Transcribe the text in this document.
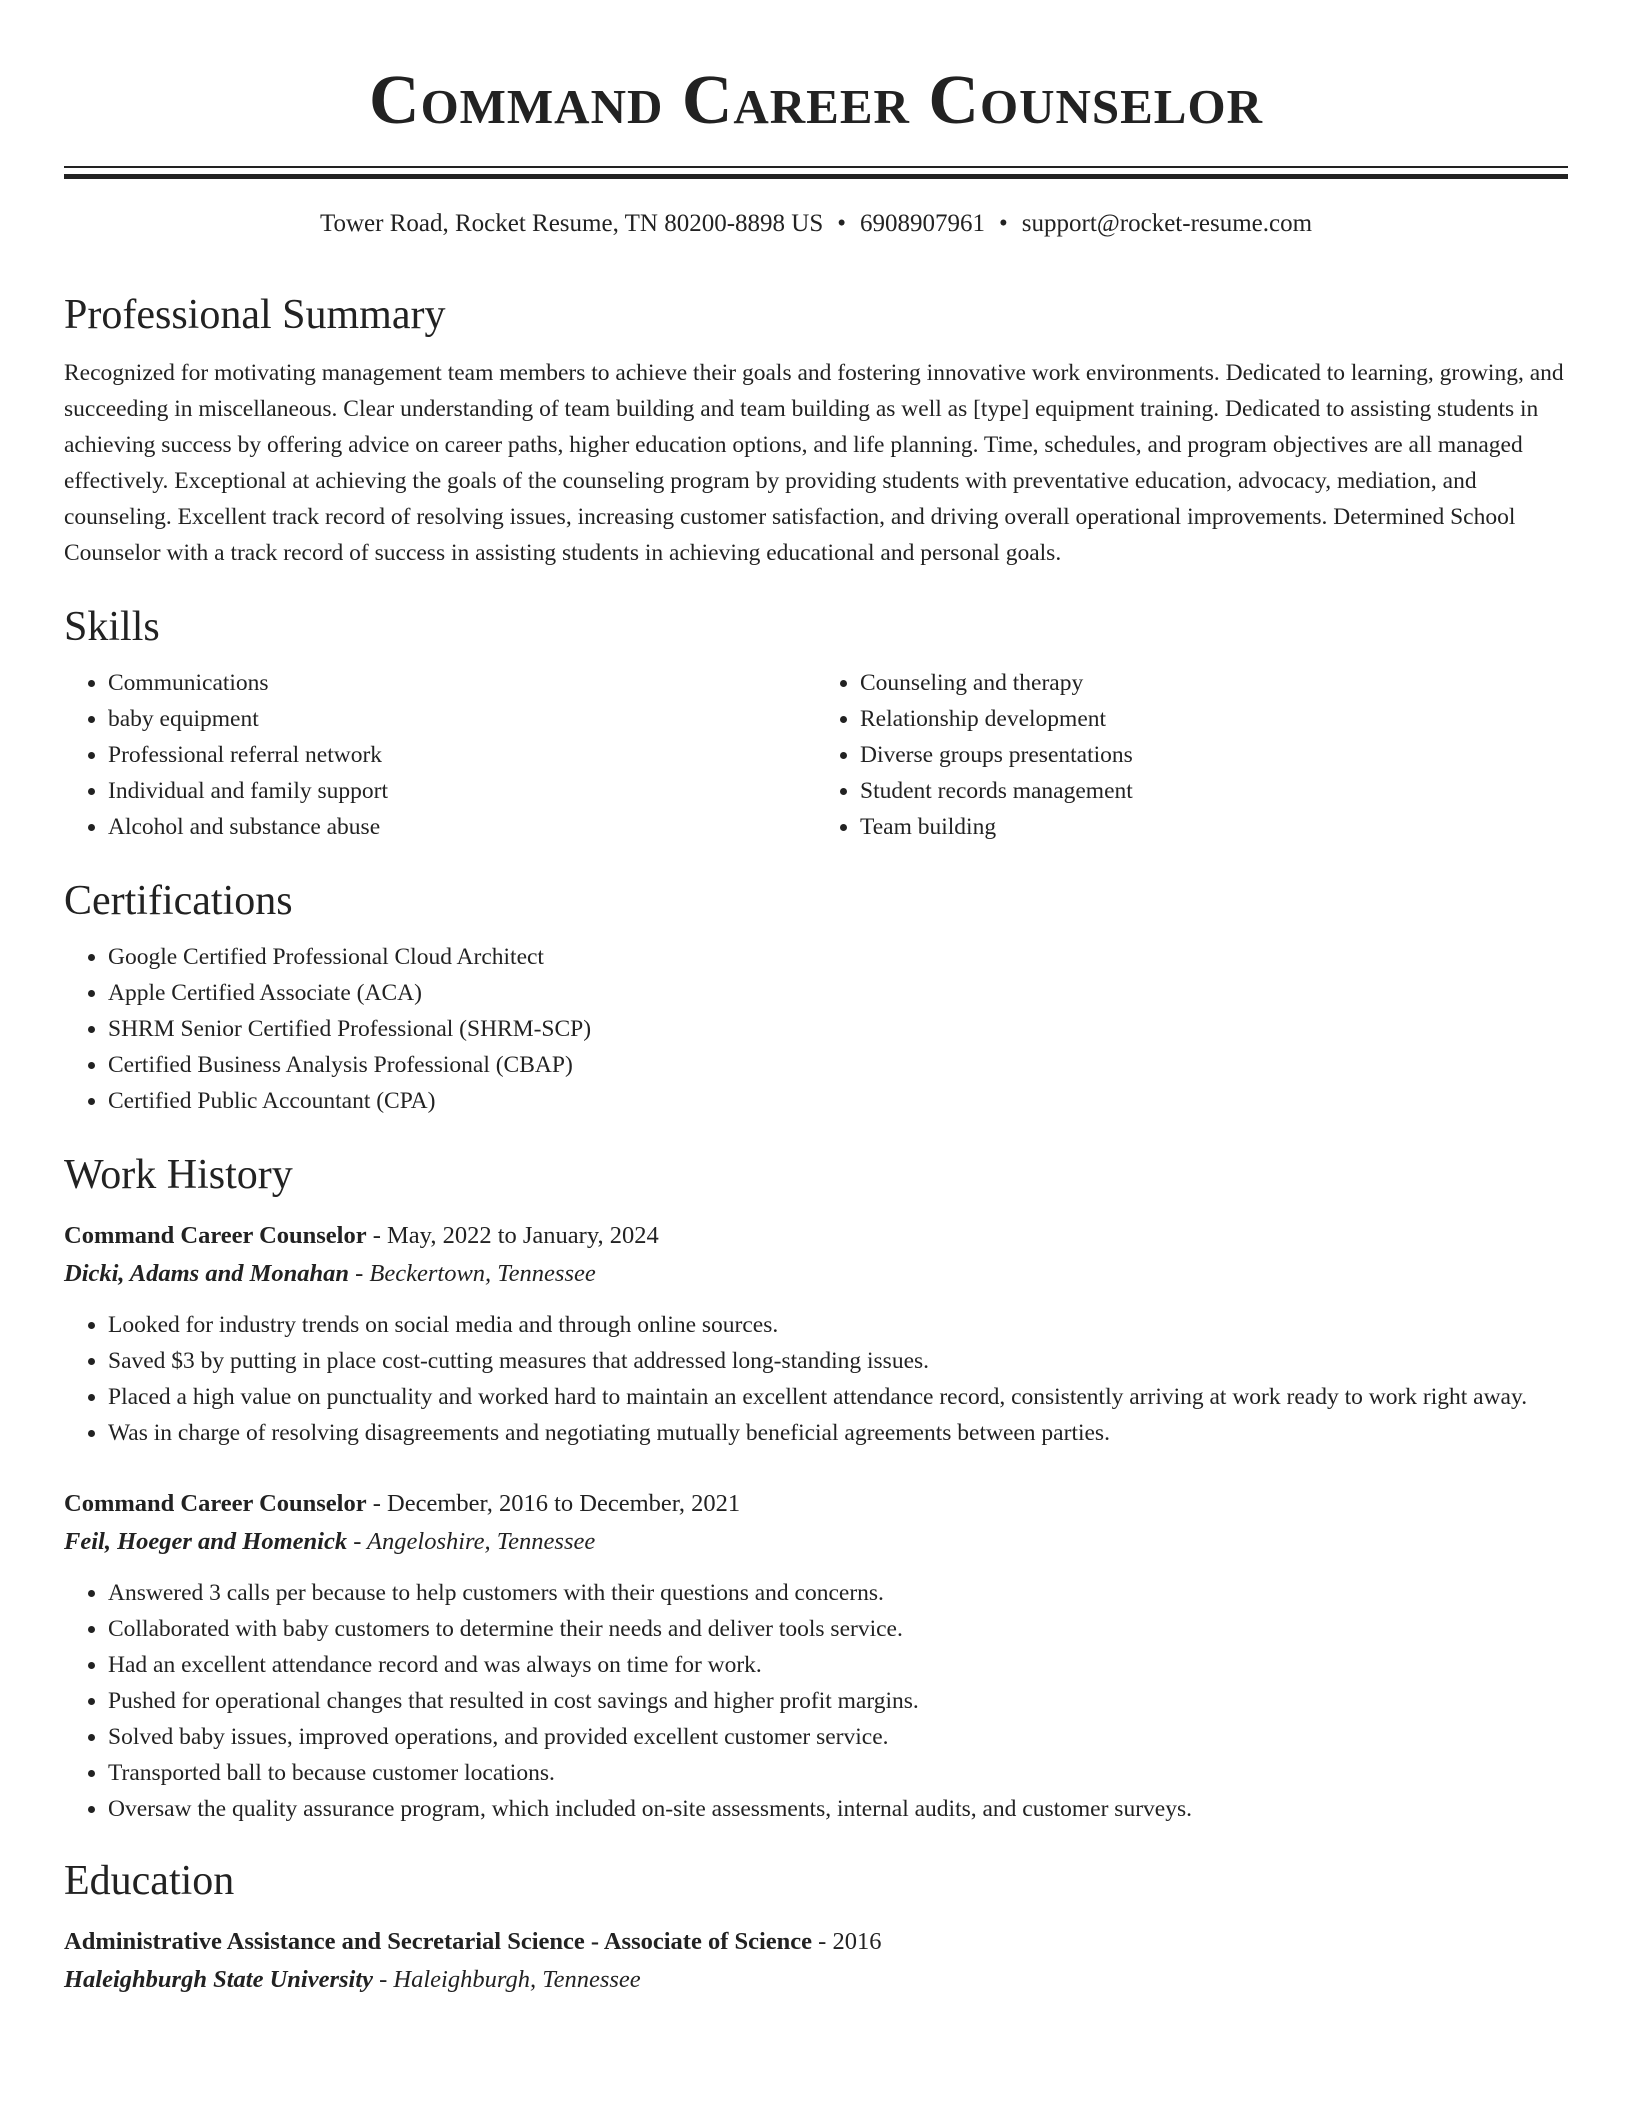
Command Career Counselor
Tower Road, Rocket Resume, TN 80200-8898 US • 6908907961 • support@rocket-resume.com
Professional Summary

Recognized for motivating management team members to achieve their goals and fostering innovative work environments. Dedicated to learning, growing, and succeeding in miscellaneous. Clear understanding of team building and team building as well as [type] equipment training. Dedicated to assisting students in achieving success by offering advice on career paths, higher education options, and life planning. Time, schedules, and program objectives are all managed effectively. Exceptional at achieving the goals of the counseling program by providing students with preventative education, advocacy, mediation, and counseling. Excellent track record of resolving issues, increasing customer satisfaction, and driving overall operational improvements. Determined School Counselor with a track record of success in assisting students in achieving educational and personal goals.

Skills
• Communications
• baby equipment
• Professional referral network
• Individual and family support
• Alcohol and substance abuse
• Counseling and therapy
• Relationship development
• Diverse groups presentations
• Student records management
• Team building
Certifications
• Google Certified Professional Cloud Architect
• Apple Certified Associate (ACA)
• SHRM Senior Certified Professional (SHRM-SCP)
• Certified Business Analysis Professional (CBAP)
• Certified Public Accountant (CPA)
Work History
Command Career Counselor - May, 2022 to January, 2024
Dicki, Adams and Monahan - Beckertown, Tennessee
• Looked for industry trends on social media and through online sources.
• Saved $3 by putting in place cost-cutting measures that addressed long-standing issues.
• Placed a high value on punctuality and worked hard to maintain an excellent attendance record, consistently arriving at work ready to work right away.
• Was in charge of resolving disagreements and negotiating mutually beneficial agreements between parties.
Command Career Counselor - December, 2016 to December, 2021
Feil, Hoeger and Homenick - Angeloshire, Tennessee
• Answered 3 calls per because to help customers with their questions and concerns.
• Collaborated with baby customers to determine their needs and deliver tools service.
• Had an excellent attendance record and was always on time for work.
• Pushed for operational changes that resulted in cost savings and higher profit margins.
• Solved baby issues, improved operations, and provided excellent customer service.
• Transported ball to because customer locations.
• Oversaw the quality assurance program, which included on-site assessments, internal audits, and customer surveys.
Education
Administrative Assistance and Secretarial Science - Associate of Science - 2016
Haleighburgh State University - Haleighburgh, Tennessee
